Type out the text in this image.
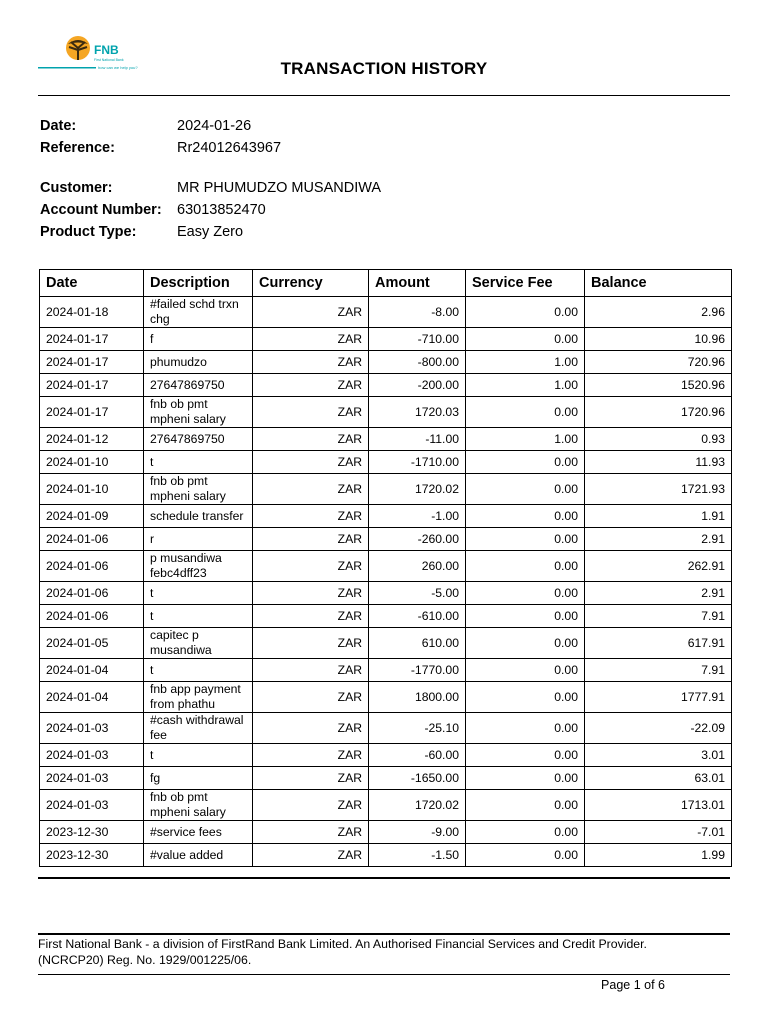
FNB
First National Bank
how can we help you?	TRANSACTION HISTORY
Date:	2024-01-26
Reference:	Rr24012643967
Customer:	MR PHUMUDZO MUSANDIWA
Account Number:	63013852470
Product Type:	Easy Zero
Date	Description	Currency	Amount	Service Fee	Balance
2024-01-18	#failed schd trxn chg	ZAR	-8.00	0.00	2.96
2024-01-17	f	ZAR	-710.00	0.00	10.96
2024-01-17	phumudzo	ZAR	-800.00	1.00	720.96
2024-01-17	27647869750	ZAR	-200.00	1.00	1520.96
2024-01-17	fnb ob pmt mpheni salary	ZAR	1720.03	0.00	1720.96
2024-01-12	27647869750	ZAR	-11.00	1.00	0.93
2024-01-10	t	ZAR	-1710.00	0.00	11.93
2024-01-10	fnb ob pmt mpheni salary	ZAR	1720.02	0.00	1721.93
2024-01-09	schedule transfer	ZAR	-1.00	0.00	1.91
2024-01-06	r	ZAR	-260.00	0.00	2.91
2024-01-06	p musandiwa febc4dff23	ZAR	260.00	0.00	262.91
2024-01-06	t	ZAR	-5.00	0.00	2.91
2024-01-06	t	ZAR	-610.00	0.00	7.91
2024-01-05	capitec p musandiwa	ZAR	610.00	0.00	617.91
2024-01-04	t	ZAR	-1770.00	0.00	7.91
2024-01-04	fnb app payment from phathu	ZAR	1800.00	0.00	1777.91
2024-01-03	#cash withdrawal fee	ZAR	-25.10	0.00	-22.09
2024-01-03	t	ZAR	-60.00	0.00	3.01
2024-01-03	fg	ZAR	-1650.00	0.00	63.01
2024-01-03	fnb ob pmt mpheni salary	ZAR	1720.02	0.00	1713.01
2023-12-30	#service fees	ZAR	-9.00	0.00	-7.01
2023-12-30	#value added	ZAR	-1.50	0.00	1.99
First National Bank - a division of FirstRand Bank Limited. An Authorised Financial Services and Credit Provider.
(NCRCP20) Reg. No. 1929/001225/06.
Page 1 of 6
